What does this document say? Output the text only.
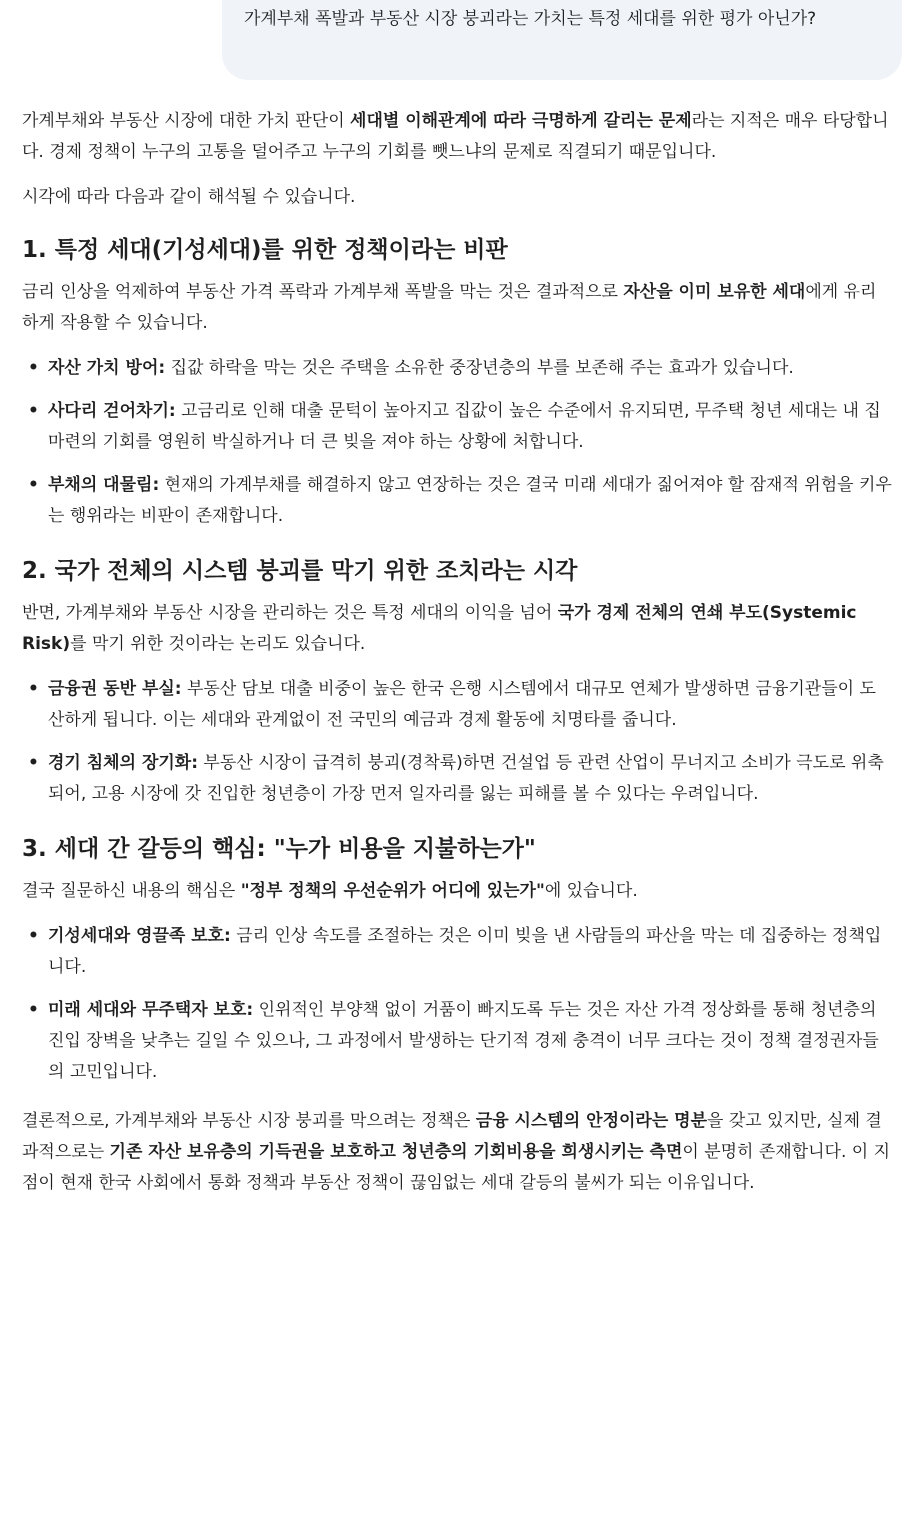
가계부채 폭발과 부동산 시장 붕괴라는 가치는 특정 세대를 위한 평가 아닌가?

가계부채와 부동산 시장에 대한 가치 판단이 세대별 이해관계에 따라 극명하게 갈리는 문제라는 지적은 매우 타당합니다. 경제 정책이 누구의 고통을 덜어주고 누구의 기회를 뺏느냐의 문제로 직결되기 때문입니다.

시각에 따라 다음과 같이 해석될 수 있습니다.

1. 특정 세대(기성세대)를 위한 정책이라는 비판

금리 인상을 억제하여 부동산 가격 폭락과 가계부채 폭발을 막는 것은 결과적으로 자산을 이미 보유한 세대에게 유리하게 작용할 수 있습니다.

• 자산 가치 방어: 집값 하락을 막는 것은 주택을 소유한 중장년층의 부를 보존해 주는 효과가 있습니다.
• 사다리 걷어차기: 고금리로 인해 대출 문턱이 높아지고 집값이 높은 수준에서 유지되면, 무주택 청년 세대는 내 집 마련의 기회를 영원히 박실하거나 더 큰 빚을 져야 하는 상황에 처합니다.
• 부채의 대물림: 현재의 가계부채를 해결하지 않고 연장하는 것은 결국 미래 세대가 짊어져야 할 잠재적 위험을 키우는 행위라는 비판이 존재합니다.
2. 국가 전체의 시스템 붕괴를 막기 위한 조치라는 시각

반면, 가계부채와 부동산 시장을 관리하는 것은 특정 세대의 이익을 넘어 국가 경제 전체의 연쇄 부도(Systemic Risk)를 막기 위한 것이라는 논리도 있습니다.

• 금융권 동반 부실: 부동산 담보 대출 비중이 높은 한국 은행 시스템에서 대규모 연체가 발생하면 금융기관들이 도산하게 됩니다. 이는 세대와 관계없이 전 국민의 예금과 경제 활동에 치명타를 줍니다.
• 경기 침체의 장기화: 부동산 시장이 급격히 붕괴(경착륙)하면 건설업 등 관련 산업이 무너지고 소비가 극도로 위축되어, 고용 시장에 갓 진입한 청년층이 가장 먼저 일자리를 잃는 피해를 볼 수 있다는 우려입니다.
3. 세대 간 갈등의 핵심: "누가 비용을 지불하는가"

결국 질문하신 내용의 핵심은 "정부 정책의 우선순위가 어디에 있는가"에 있습니다.

• 기성세대와 영끌족 보호: 금리 인상 속도를 조절하는 것은 이미 빚을 낸 사람들의 파산을 막는 데 집중하는 정책입니다.
• 미래 세대와 무주택자 보호: 인위적인 부양책 없이 거품이 빠지도록 두는 것은 자산 가격 정상화를 통해 청년층의 진입 장벽을 낮추는 길일 수 있으나, 그 과정에서 발생하는 단기적 경제 충격이 너무 크다는 것이 정책 결정권자들의 고민입니다.

결론적으로, 가계부채와 부동산 시장 붕괴를 막으려는 정책은 금융 시스템의 안정이라는 명분을 갖고 있지만, 실제 결과적으로는 기존 자산 보유층의 기득권을 보호하고 청년층의 기회비용을 희생시키는 측면이 분명히 존재합니다. 이 지점이 현재 한국 사회에서 통화 정책과 부동산 정책이 끊임없는 세대 갈등의 불씨가 되는 이유입니다.
